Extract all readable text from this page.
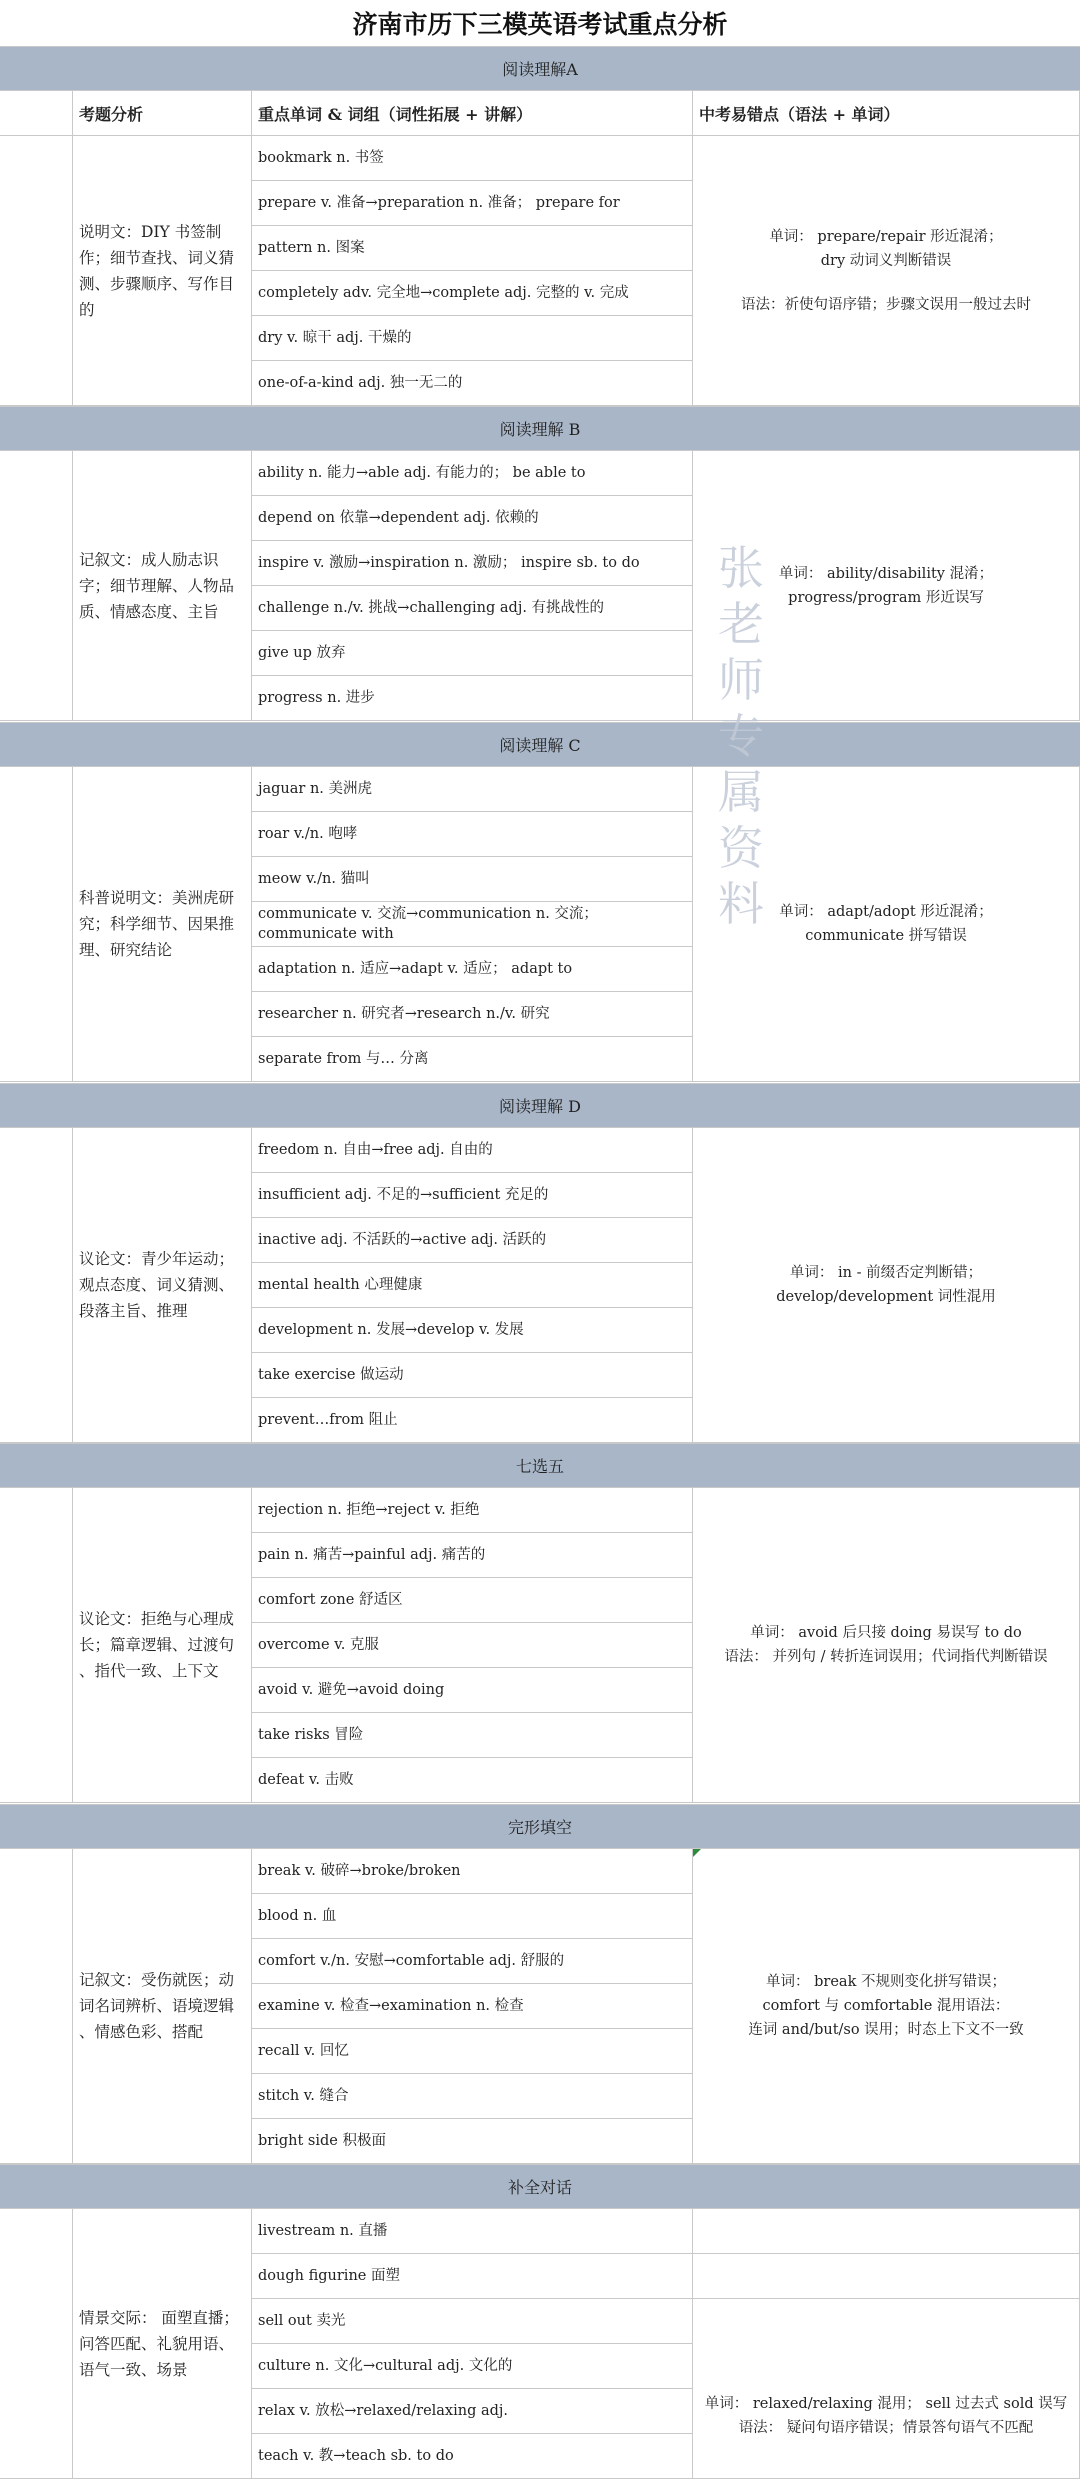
济南市历下三模英语考试重点分析
考题分析	重点单词 & 词组（词性拓展 + 讲解）	中考易错点（语法 + 单词）
阅读理解A
说明文：DIY 书签制
作；细节查找、词义猜
测、步骤顺序、写作目
的
bookmark n. 书签
prepare v. 准备→preparation n. 准备； prepare for
pattern n. 图案
completely adv. 完全地→complete adj. 完整的 v. 完成
dry v. 晾干 adj. 干燥的
one-of-a-kind adj. 独一无二的
单词： prepare/repair 形近混淆；
dry 动词义判断错误
语法：祈使句语序错；步骤文误用一般过去时
阅读理解 B
记叙文：成人励志识
字；细节理解、人物品
质、情感态度、主旨
ability n. 能力→able adj. 有能力的； be able to
depend on 依靠→dependent adj. 依赖的
inspire v. 激励→inspiration n. 激励； inspire sb. to do
challenge n./v. 挑战→challenging adj. 有挑战性的
give up 放弃
progress n. 进步
单词： ability/disability 混淆；
progress/program 形近误写
阅读理解 C
科普说明文：美洲虎研
究；科学细节、因果推
理、研究结论
jaguar n. 美洲虎
roar v./n. 咆哮
meow v./n. 猫叫
communicate v. 交流→communication n. 交流；
communicate with
adaptation n. 适应→adapt v. 适应； adapt to
researcher n. 研究者→research n./v. 研究
separate from 与… 分离
单词： adapt/adopt 形近混淆；
communicate 拼写错误
阅读理解 D
议论文：青少年运动；
观点态度、词义猜测、
段落主旨、推理
freedom n. 自由→free adj. 自由的
insufficient adj. 不足的→sufficient 充足的
inactive adj. 不活跃的→active adj. 活跃的
mental health 心理健康
development n. 发展→develop v. 发展
take exercise 做运动
prevent…from 阻止
单词： in - 前缀否定判断错；
develop/development 词性混用
七选五
议论文：拒绝与心理成
长；篇章逻辑、过渡句
、指代一致、上下文
rejection n. 拒绝→reject v. 拒绝
pain n. 痛苦→painful adj. 痛苦的
comfort zone 舒适区
overcome v. 克服
avoid v. 避免→avoid doing
take risks 冒险
defeat v. 击败
单词： avoid 后只接 doing 易误写 to do
语法： 并列句 / 转折连词误用；代词指代判断错误
完形填空
记叙文：受伤就医；动
词名词辨析、语境逻辑
、情感色彩、搭配
break v. 破碎→broke/broken
blood n. 血
comfort v./n. 安慰→comfortable adj. 舒服的
examine v. 检查→examination n. 检查
recall v. 回忆
stitch v. 缝合
bright side 积极面
单词： break 不规则变化拼写错误；
comfort 与 comfortable 混用语法：
连词 and/but/so 误用；时态上下文不一致
补全对话
情景交际： 面塑直播；
问答匹配、礼貌用语、
语气一致、场景
livestream n. 直播
dough figurine 面塑
sell out 卖光
culture n. 文化→cultural adj. 文化的
relax v. 放松→relaxed/relaxing adj.
teach v. 教→teach sb. to do
单词： relaxed/relaxing 混用； sell 过去式 sold 误写
语法： 疑问句语序错误；情景答句语气不匹配
张老师专属资料
